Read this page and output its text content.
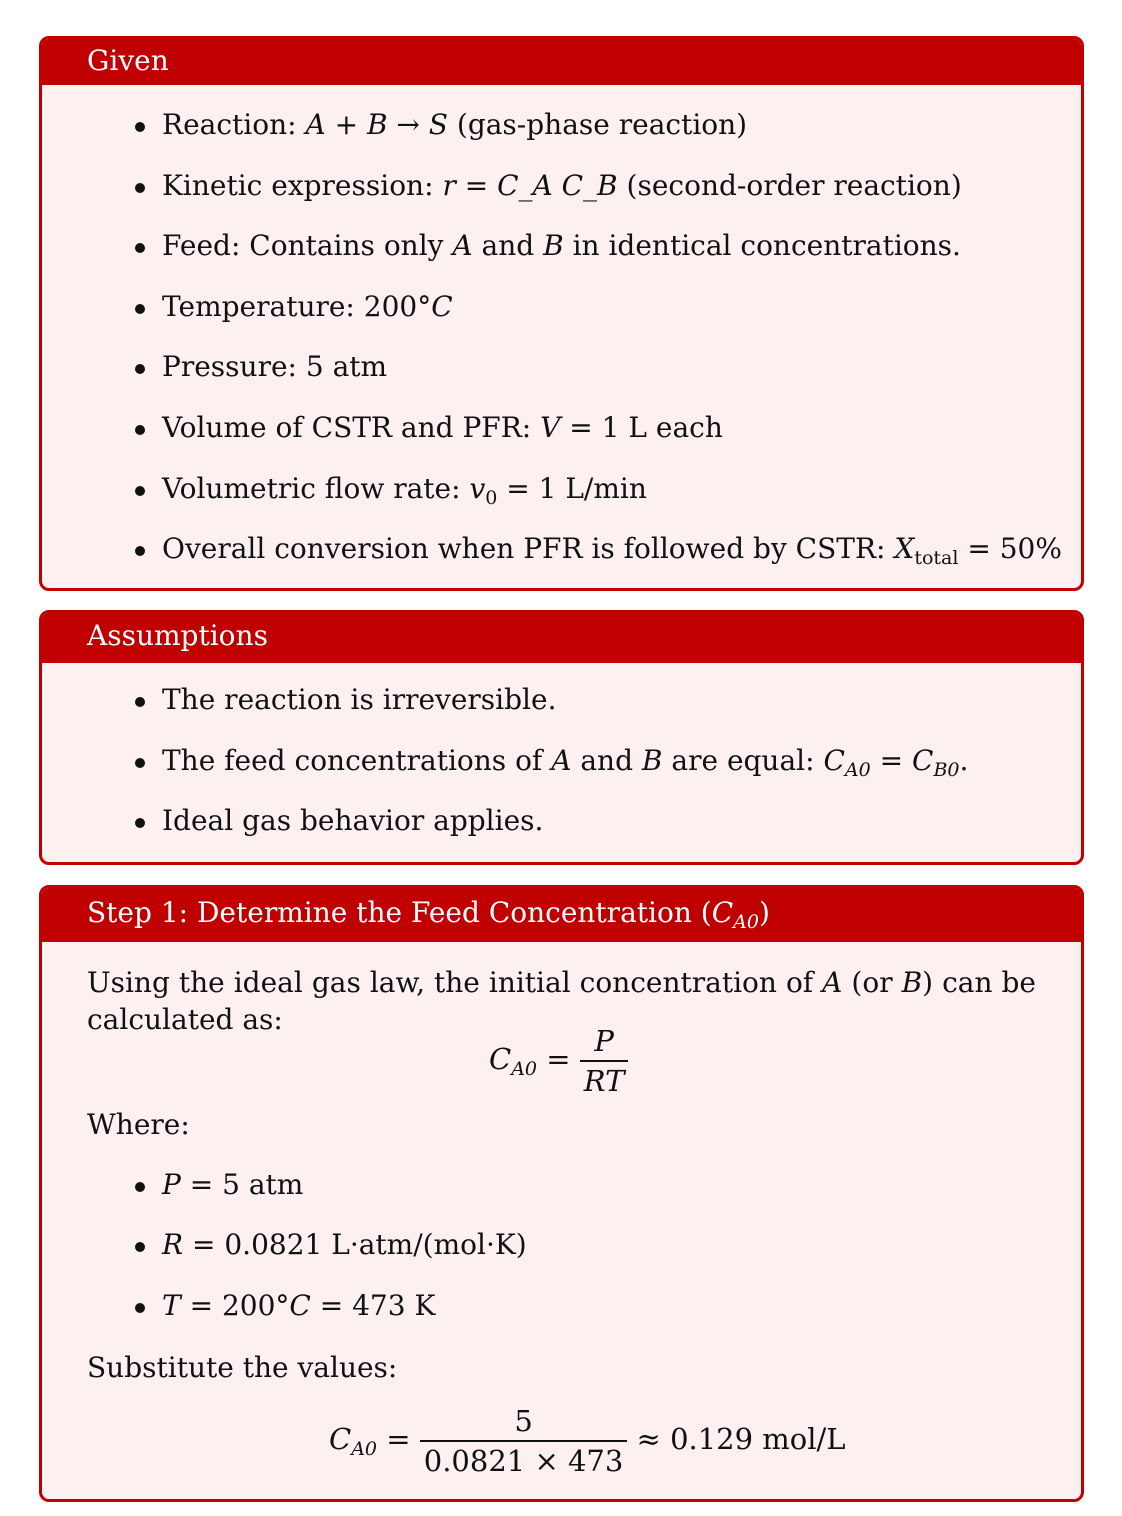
Given
Reaction: A + B → S (gas-phase reaction)
Kinetic expression: r = C_A C_B (second-order reaction)
Feed: Contains only A and B in identical concentrations.
Temperature: 200°C
Pressure: 5 atm
Volume of CSTR and PFR: V = 1 L each
Volumetric flow rate: $v_0 = 1$ L/min
Overall conversion when PFR is followed by CSTR: $X_{total} = 50\%$
Assumptions
The reaction is irreversible.
The feed concentrations of A and B are equal: $C_{A0} = C_{B0}$.
Ideal gas behavior applies.
Step 1: Determine the Feed Concentration $(C_{A0})$
Using the ideal gas law, the initial concentration of A (or B) can be calculated as:
$C_{A0} = \frac{P}{RT}$
Where:
P = 5 atm
R = 0.0821 L·atm/(mol·K)
T = 200°C = 473 K
Substitute the values:
$C_{A0} = \frac{5}{0.0821 \times 473} \approx 0.129$ mol/L
